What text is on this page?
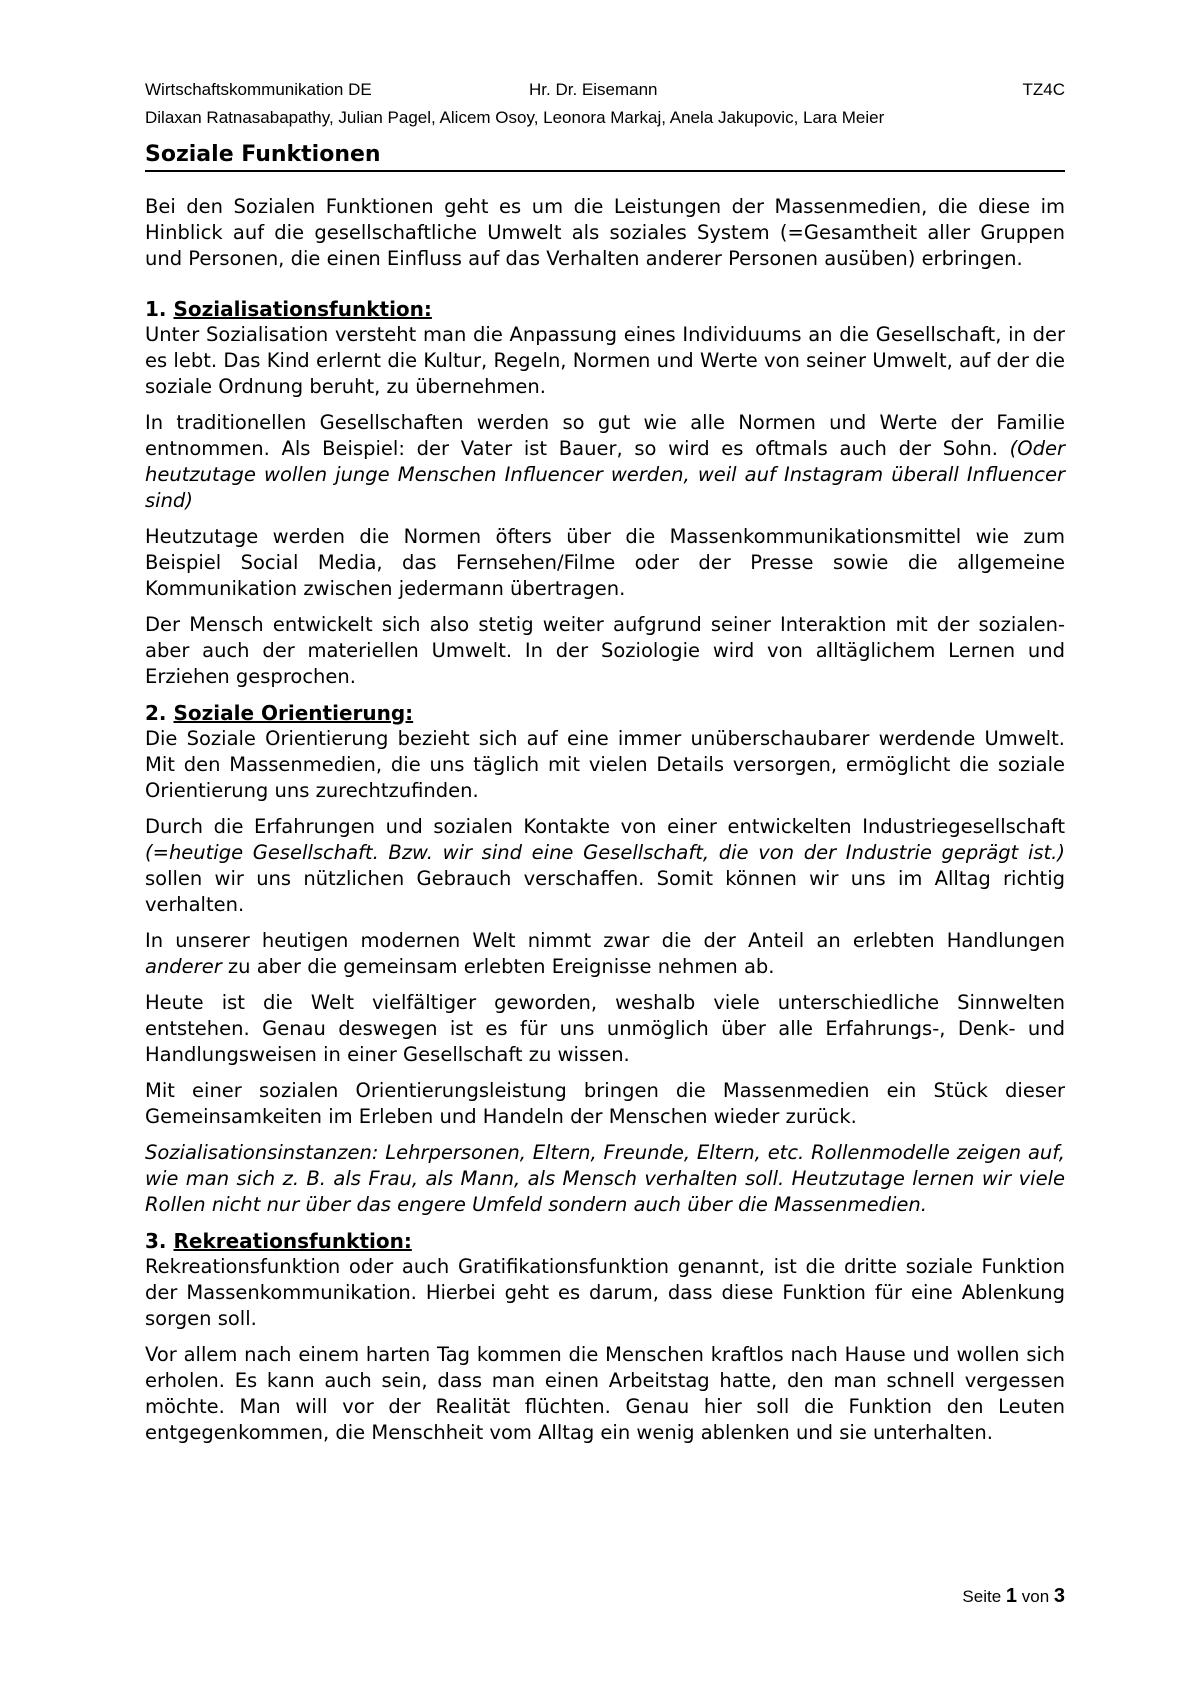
Wirtschaftskommunikation DE	Hr. Dr. Eisemann	TZ4C
Dilaxan Ratnasabapathy, Julian Pagel, Alicem Osoy, Leonora Markaj, Anela Jakupovic, Lara Meier
Soziale Funktionen

Bei den Sozialen Funktionen geht es um die Leistungen der Massenmedien, die diese im Hinblick auf die gesellschaftliche Umwelt als soziales System (=Gesamtheit aller Gruppen und Personen, die einen Einfluss auf das Verhalten anderer Personen ausüben) erbringen.

1. Sozialisationsfunktion:

Unter Sozialisation versteht man die Anpassung eines Individuums an die Gesellschaft, in der es lebt. Das Kind erlernt die Kultur, Regeln, Normen und Werte von seiner Umwelt, auf der die soziale Ordnung beruht, zu übernehmen.

In traditionellen Gesellschaften werden so gut wie alle Normen und Werte der Familie entnommen. Als Beispiel: der Vater ist Bauer, so wird es oftmals auch der Sohn. (Oder heutzutage wollen junge Menschen Influencer werden, weil auf Instagram überall Influencer sind)

Heutzutage werden die Normen öfters über die Massenkommunikationsmittel wie zum Beispiel Social Media, das Fernsehen/Filme oder der Presse sowie die allgemeine Kommunikation zwischen jedermann übertragen.

Der Mensch entwickelt sich also stetig weiter aufgrund seiner Interaktion mit der sozialen- aber auch der materiellen Umwelt. In der Soziologie wird von alltäglichem Lernen und Erziehen gesprochen.

2. Soziale Orientierung:

Die Soziale Orientierung bezieht sich auf eine immer unüberschaubarer werdende Umwelt. Mit den Massenmedien, die uns täglich mit vielen Details versorgen, ermöglicht die soziale Orientierung uns zurechtzufinden.

Durch die Erfahrungen und sozialen Kontakte von einer entwickelten Industriegesellschaft (=heutige Gesellschaft. Bzw. wir sind eine Gesellschaft, die von der Industrie geprägt ist.) sollen wir uns nützlichen Gebrauch verschaffen. Somit können wir uns im Alltag richtig verhalten.

In unserer heutigen modernen Welt nimmt zwar die der Anteil an erlebten Handlungen anderer zu aber die gemeinsam erlebten Ereignisse nehmen ab.

Heute ist die Welt vielfältiger geworden, weshalb viele unterschiedliche Sinnwelten entstehen. Genau deswegen ist es für uns unmöglich über alle Erfahrungs-, Denk- und Handlungsweisen in einer Gesellschaft zu wissen.

Mit einer sozialen Orientierungsleistung bringen die Massenmedien ein Stück dieser Gemeinsamkeiten im Erleben und Handeln der Menschen wieder zurück.

Sozialisationsinstanzen: Lehrpersonen, Eltern, Freunde, Eltern, etc. Rollenmodelle zeigen auf, wie man sich z. B. als Frau, als Mann, als Mensch verhalten soll. Heutzutage lernen wir viele Rollen nicht nur über das engere Umfeld sondern auch über die Massenmedien.

3. Rekreationsfunktion:

Rekreationsfunktion oder auch Gratifikationsfunktion genannt, ist die dritte soziale Funktion der Massenkommunikation. Hierbei geht es darum, dass diese Funktion für eine Ablenkung sorgen soll.

Vor allem nach einem harten Tag kommen die Menschen kraftlos nach Hause und wollen sich erholen. Es kann auch sein, dass man einen Arbeitstag hatte, den man schnell vergessen möchte. Man will vor der Realität flüchten. Genau hier soll die Funktion den Leuten entgegenkommen, die Menschheit vom Alltag ein wenig ablenken und sie unterhalten.

Seite 1 von 3
